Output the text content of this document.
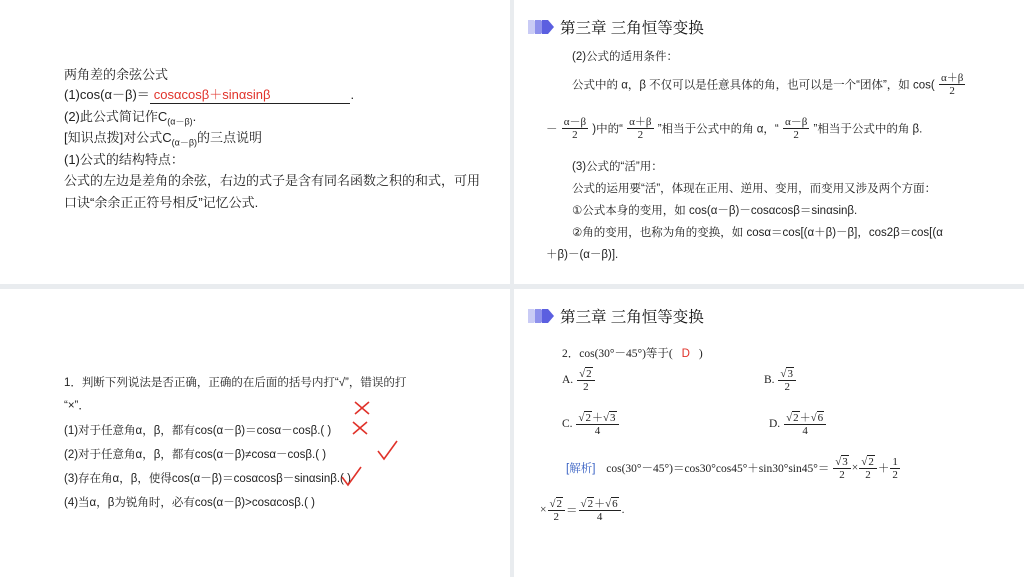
两角差的余弦公式
(1)cos(α－β)＝ cosαcosβ＋sinαsinβ	.
(2)此公式简记作$C_{(\alpha-\beta)}$.
[知识点拨]对公式$C_{(\alpha-\beta)}$的三点说明
(1)公式的结构特点：
公式的左边是差角的余弦，右边的式子是含有同名函数之积的和式，可用
口诀“余余正正符号相反”记忆公式.
第三章 三角恒等变换
(2)公式的适用条件：
公式中的 α，β 不仅可以是任意具体的角，也可以是一个“团体”，如 $\cos( \frac{\alpha+\beta}{2}$
－ $\frac{\alpha-\beta}{2}$ )中的“ $\frac{\alpha+\beta}{2}$ ”相当于公式中的角 α，“ $\frac{\alpha-\beta}{2}$ ”相当于公式中的角 β.
(3)公式的“活”用：
公式的运用要“活”，体现在正用、逆用、变用，而变用又涉及两个方面：
①公式本身的变用，如 cos(α－β)－cosαcosβ＝sinαsinβ.
②角的变用，也称为角的变换，如 cosα＝cos[(α＋β)－β]，cos2β＝cos[(α
＋β)－(α－β)].
1．判断下列说法是否正确，正确的在后面的括号内打“√”，错误的打
“×”．
(1)对于任意角α，β，都有cos(α－β)＝cosα－cosβ.( )
(2)对于任意角α，β，都有cos(α－β)≠cosα－cosβ.( )
(3)存在角α，β，使得cos(α－β)＝cosαcosβ－sinαsinβ.( )
(4)当α，β为锐角时，必有cos(α－β)>cosαcosβ.( )
第三章 三角恒等变换
2．cos(30°－45°)等于( D )
A. $\frac{√2}{2}$	B. $\frac{√3}{2}$
C. $\frac{√2+√3}{4}$	D. $\frac{√2+√6}{4}$
[解析] $\cos(30^\circ-45^\circ)=\cos 30^\circ\cos 45^\circ+\sin 30^\circ\sin 45^\circ= \frac{√3}{2} \times \frac{√2}{2} + \frac{1}{2}$
× $\frac{√2}{2} = \frac{√2+√6}{4}$ .
